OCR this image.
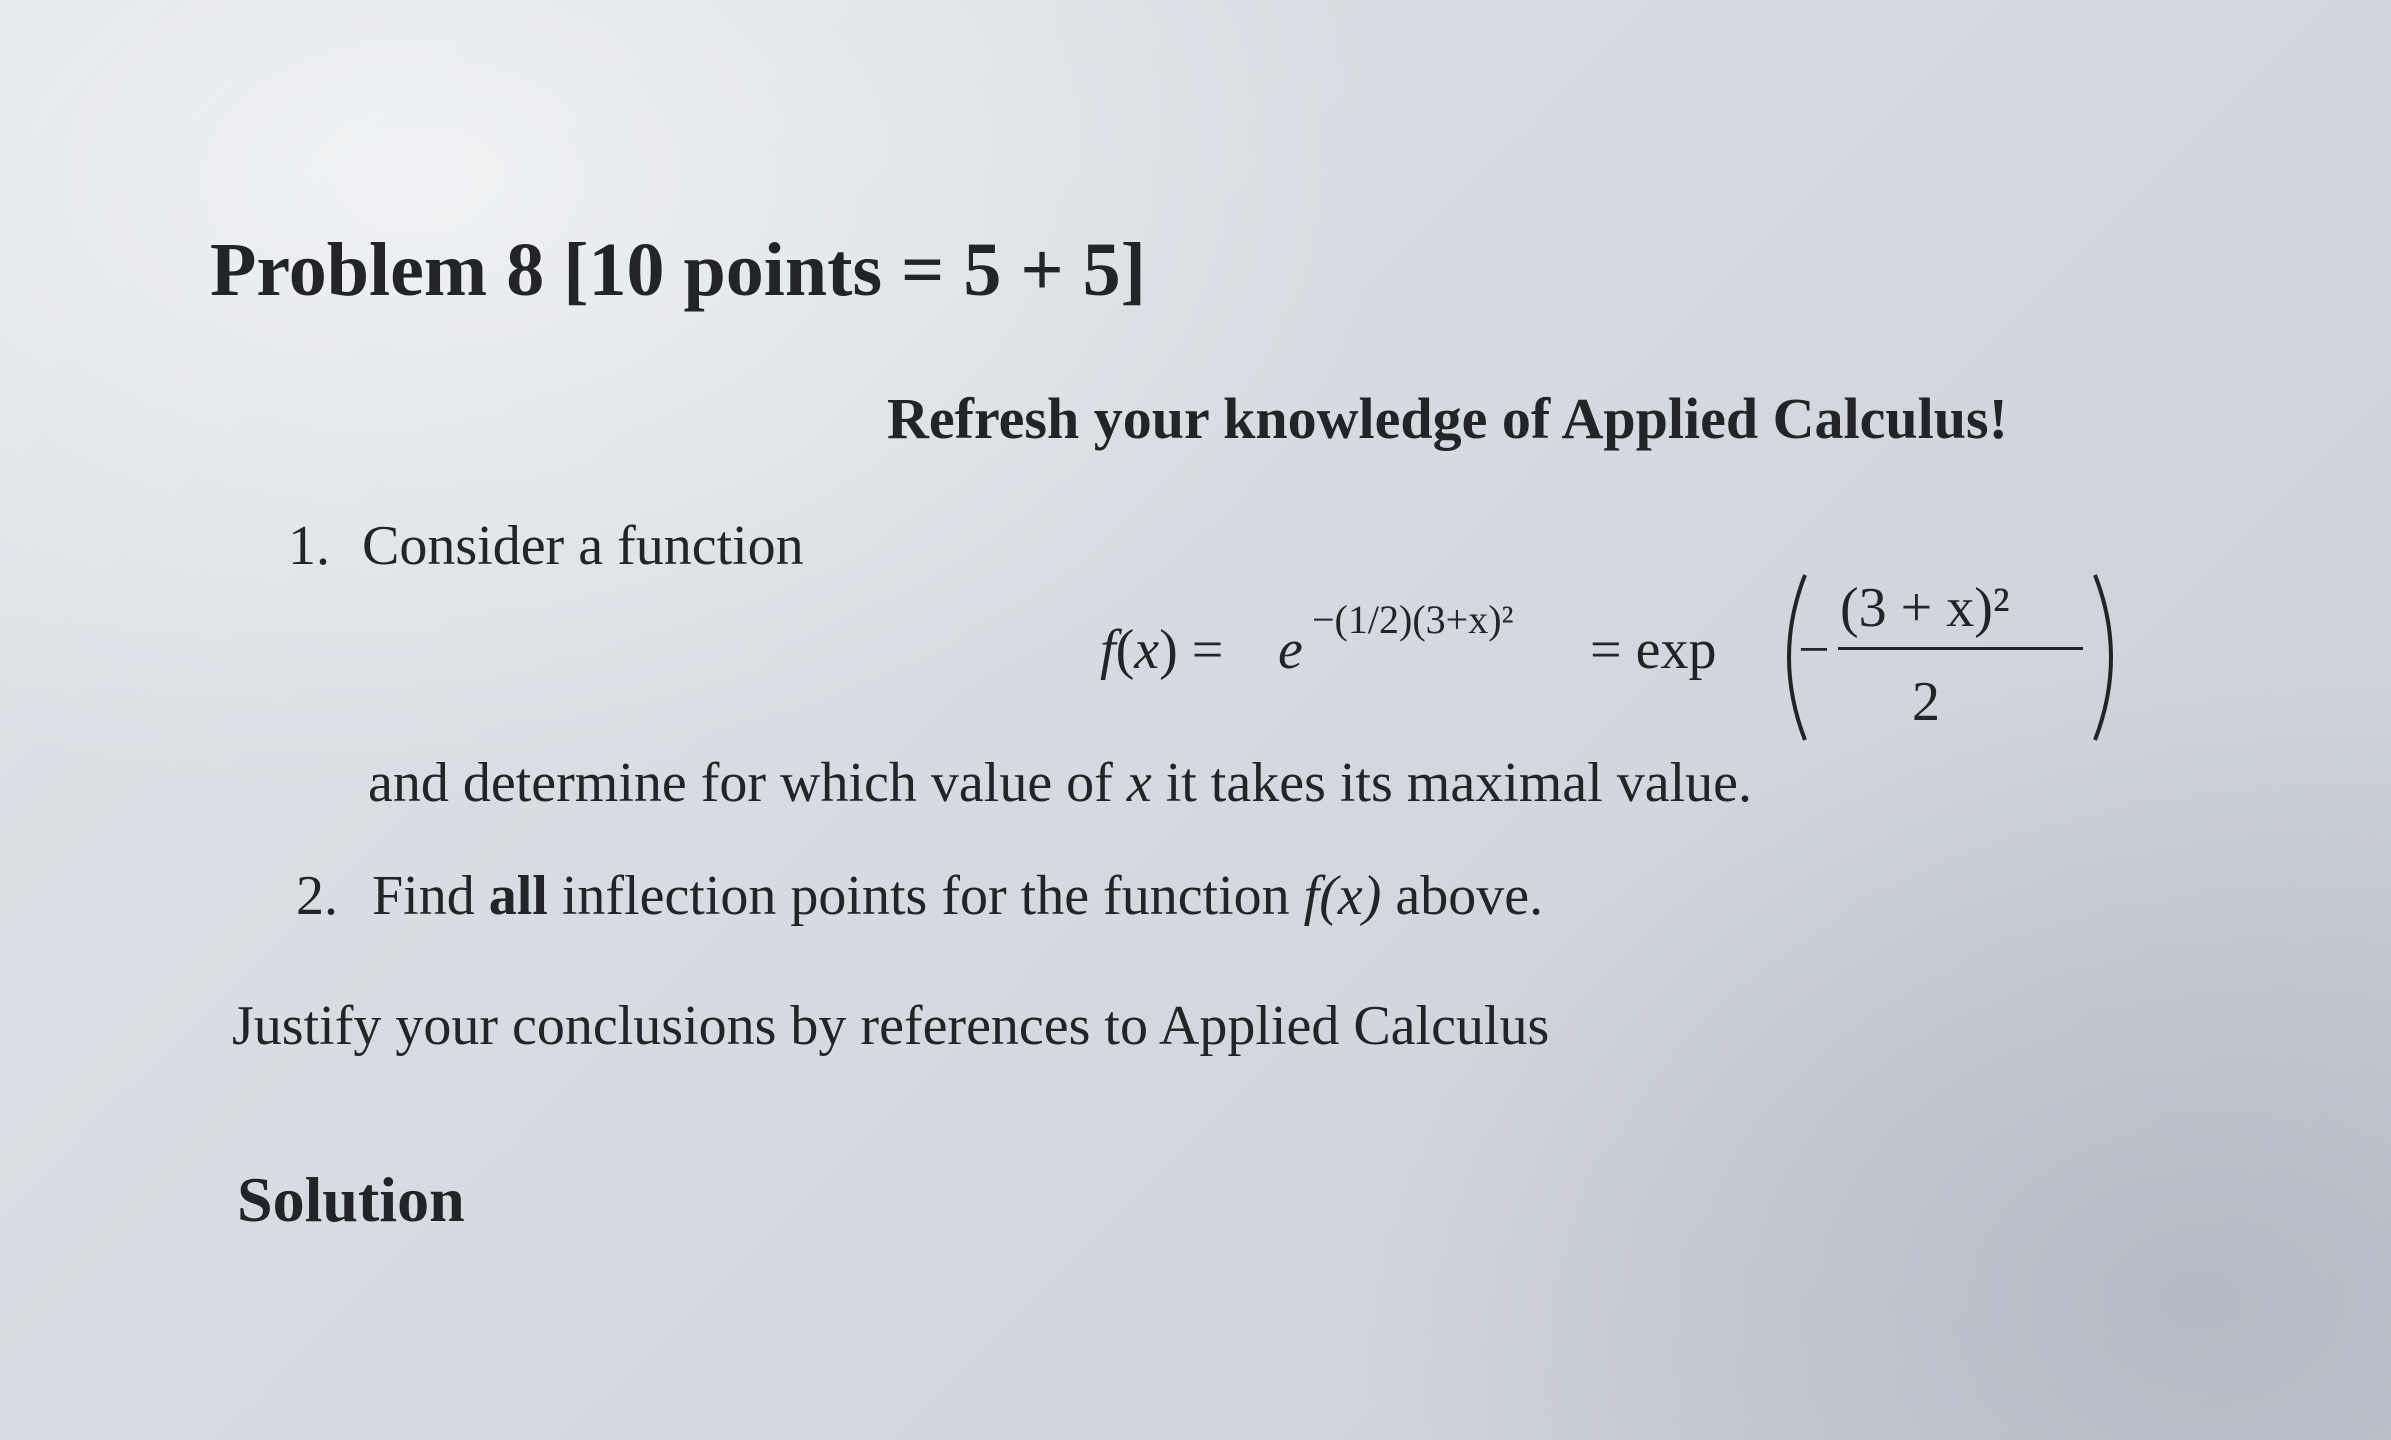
Problem 8 [10 points = 5 + 5]
Refresh your knowledge of Applied Calculus!
1. Consider a function
f(x) = e −(1/2)(3+x)² = exp −
(3 + x)²
2
and determine for which value of x it takes its maximal value.
2. Find all inflection points for the function f(x) above.
Justify your conclusions by references to Applied Calculus
Solution
